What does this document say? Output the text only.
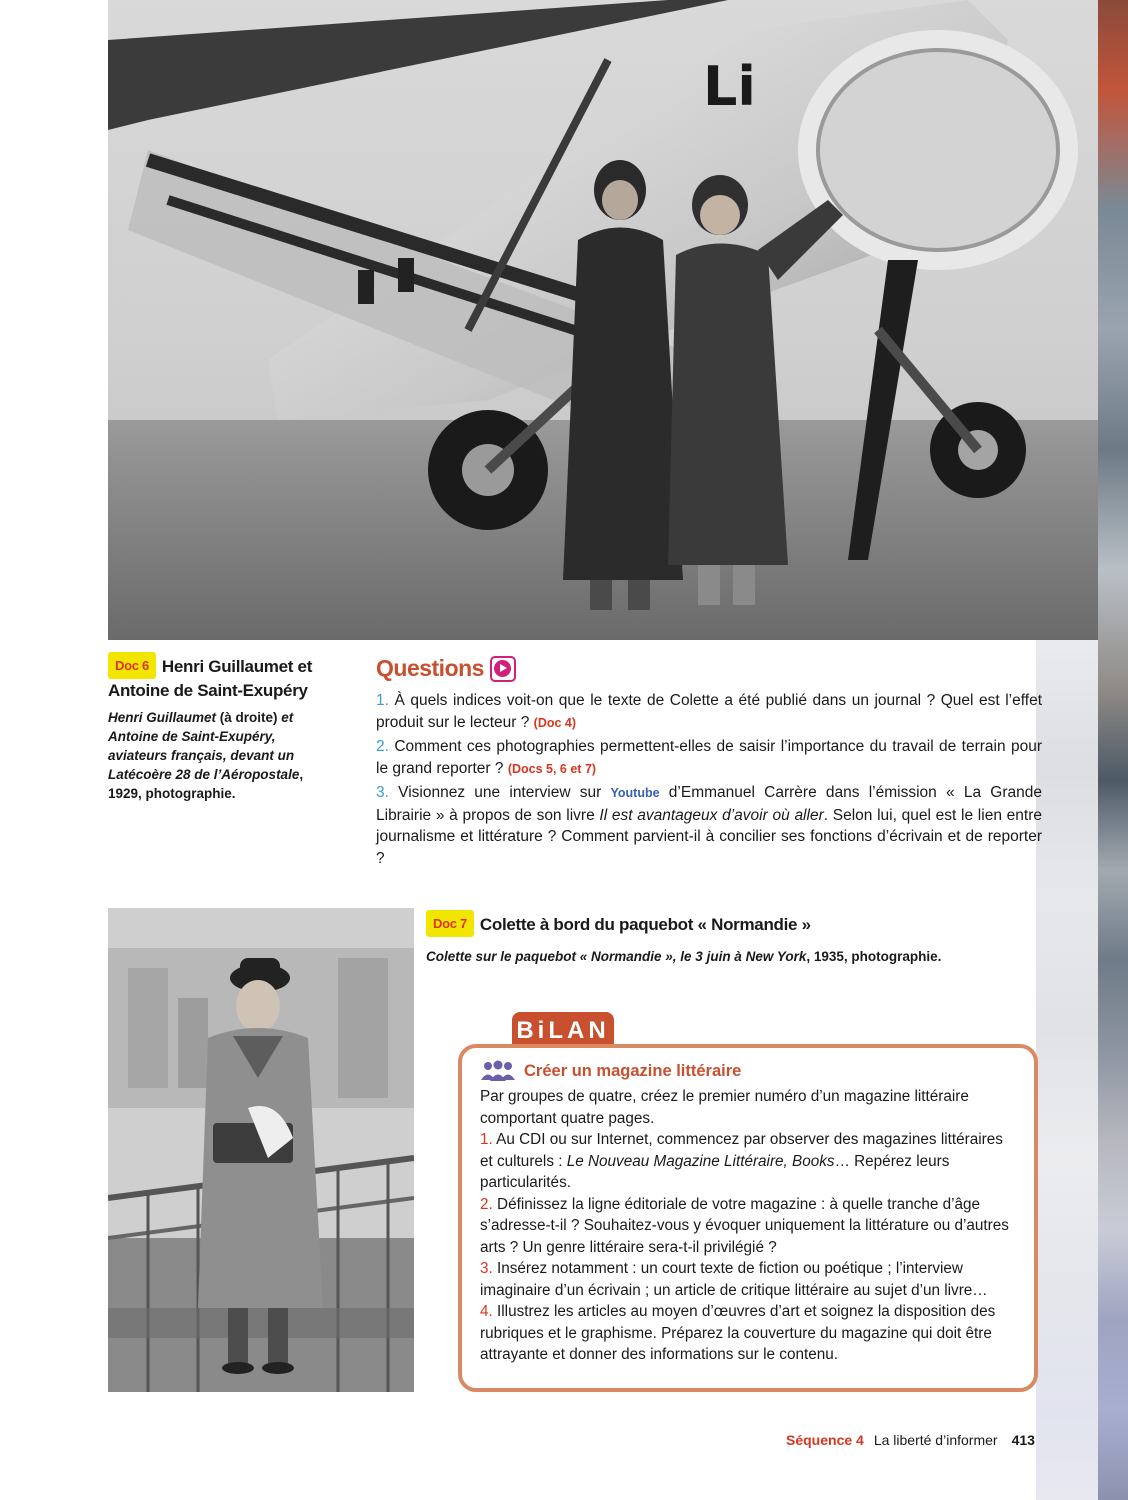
Li
Doc 6 Henri Guillaumet et Antoine de Saint-Exupéry
Henri Guillaumet (à droite) et Antoine de Saint-Exupéry, aviateurs français, devant un Latécoère 28 de l’Aéropostale, 1929, photographie.
Questions

1. À quels indices voit-on que le texte de Colette a été publié dans un journal ? Quel est l’effet produit sur le lecteur ? (Doc 4)

2. Comment ces photographies permettent-elles de saisir l’importance du travail de terrain pour le grand reporter ? (Docs 5, 6 et 7)

3. Visionnez une interview sur Youtube d’Emmanuel Carrère dans l’émission « La Grande Librairie » à propos de son livre Il est avantageux d’avoir où aller. Selon lui, quel est le lien entre journalisme et littérature ? Comment parvient-il à concilier ses fonctions d’écrivain et de reporter ?

Doc 7 Colette à bord du paquebot « Normandie »
Colette sur le paquebot « Normandie », le 3 juin à New York, 1935, photographie.
BiLAN
Créer un magazine littéraire

Par groupes de quatre, créez le premier numéro d’un magazine littéraire comportant quatre pages.

1. Au CDI ou sur Internet, commencez par observer des magazines littéraires et culturels : Le Nouveau Magazine Littéraire, Books… Repérez leurs particularités.

2. Définissez la ligne éditoriale de votre magazine : à quelle tranche d’âge s’adresse-t-il ? Souhaitez-vous y évoquer uniquement la littérature ou d’autres arts ? Un genre littéraire sera-t-il privilégié ?

3. Insérez notamment : un court texte de fiction ou poétique ; l’interview imaginaire d’un écrivain ; un article de critique littéraire au sujet d’un livre…

4. Illustrez les articles au moyen d’œuvres d’art et soignez la disposition des rubriques et le graphisme. Préparez la couverture du magazine qui doit être attrayante et donner des informations sur le contenu.

Séquence 4 La liberté d’informer 413
